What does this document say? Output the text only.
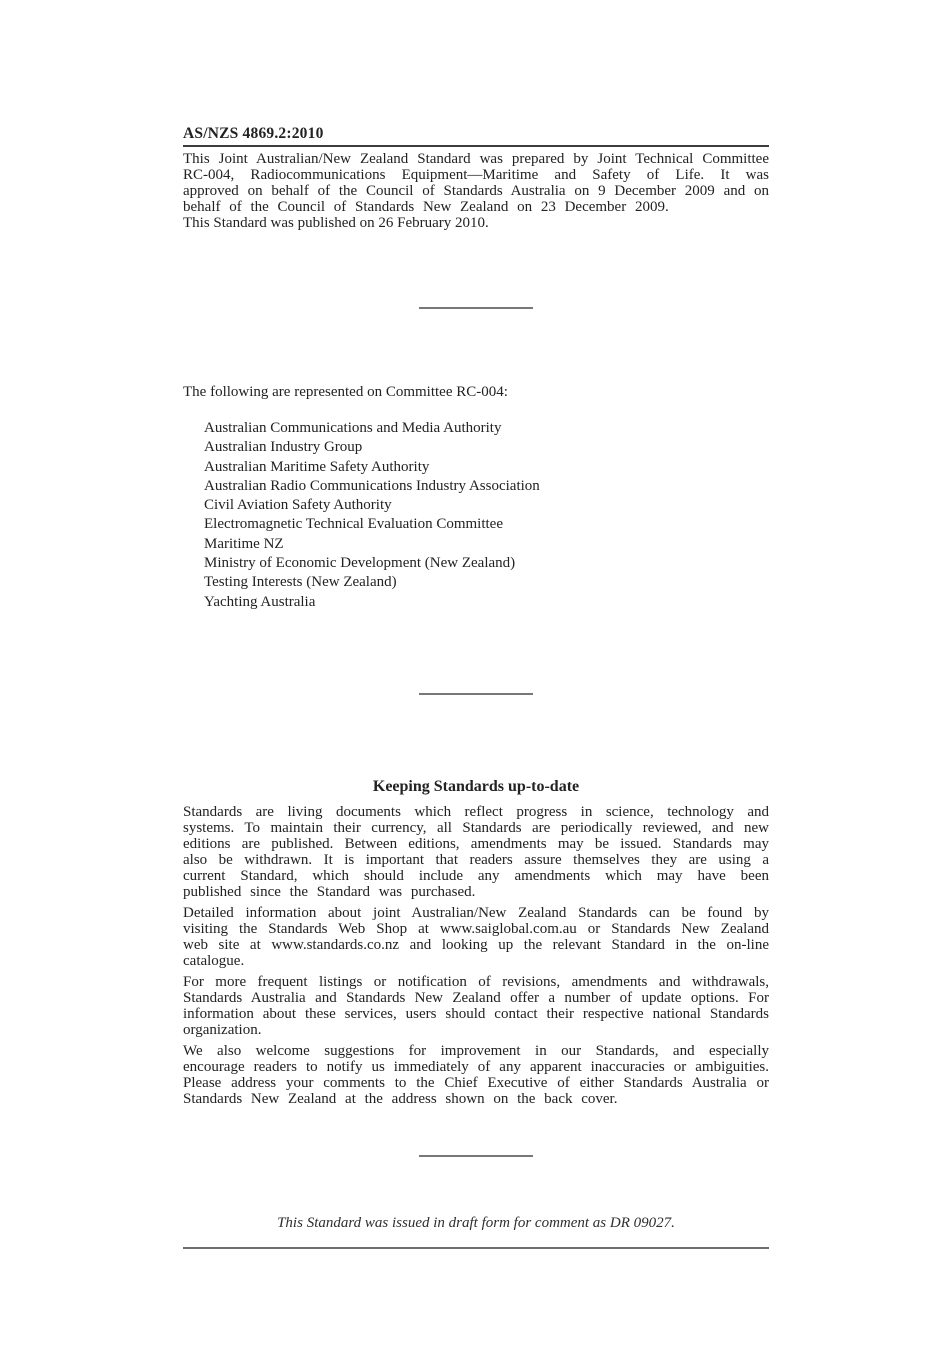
AS/NZS 4869.2:2010

This Joint Australian/New Zealand Standard was prepared by Joint Technical Committee RC-004, Radiocommunications Equipment—Maritime and Safety of Life. It was approved on behalf of the Council of Standards Australia on 9 December 2009 and on behalf of the Council of Standards New Zealand on 23 December 2009.

This Standard was published on 26 February 2010.

The following are represented on Committee RC-004:

Australian Communications and Media Authority
Australian Industry Group
Australian Maritime Safety Authority
Australian Radio Communications Industry Association
Civil Aviation Safety Authority
Electromagnetic Technical Evaluation Committee
Maritime NZ
Ministry of Economic Development (New Zealand)
Testing Interests (New Zealand)
Yachting Australia
Keeping Standards up-to-date

Standards are living documents which reflect progress in science, technology and systems. To maintain their currency, all Standards are periodically reviewed, and new editions are published. Between editions, amendments may be issued. Standards may also be withdrawn. It is important that readers assure themselves they are using a current Standard, which should include any amendments which may have been published since the Standard was purchased.

Detailed information about joint Australian/New Zealand Standards can be found by visiting the Standards Web Shop at www.saiglobal.com.au or Standards New Zealand web site at www.standards.co.nz and looking up the relevant Standard in the on-line catalogue.

For more frequent listings or notification of revisions, amendments and withdrawals, Standards Australia and Standards New Zealand offer a number of update options. For information about these services, users should contact their respective national Standards organization.

We also welcome suggestions for improvement in our Standards, and especially encourage readers to notify us immediately of any apparent inaccuracies or ambiguities. Please address your comments to the Chief Executive of either Standards Australia or Standards New Zealand at the address shown on the back cover.

This Standard was issued in draft form for comment as DR 09027.
